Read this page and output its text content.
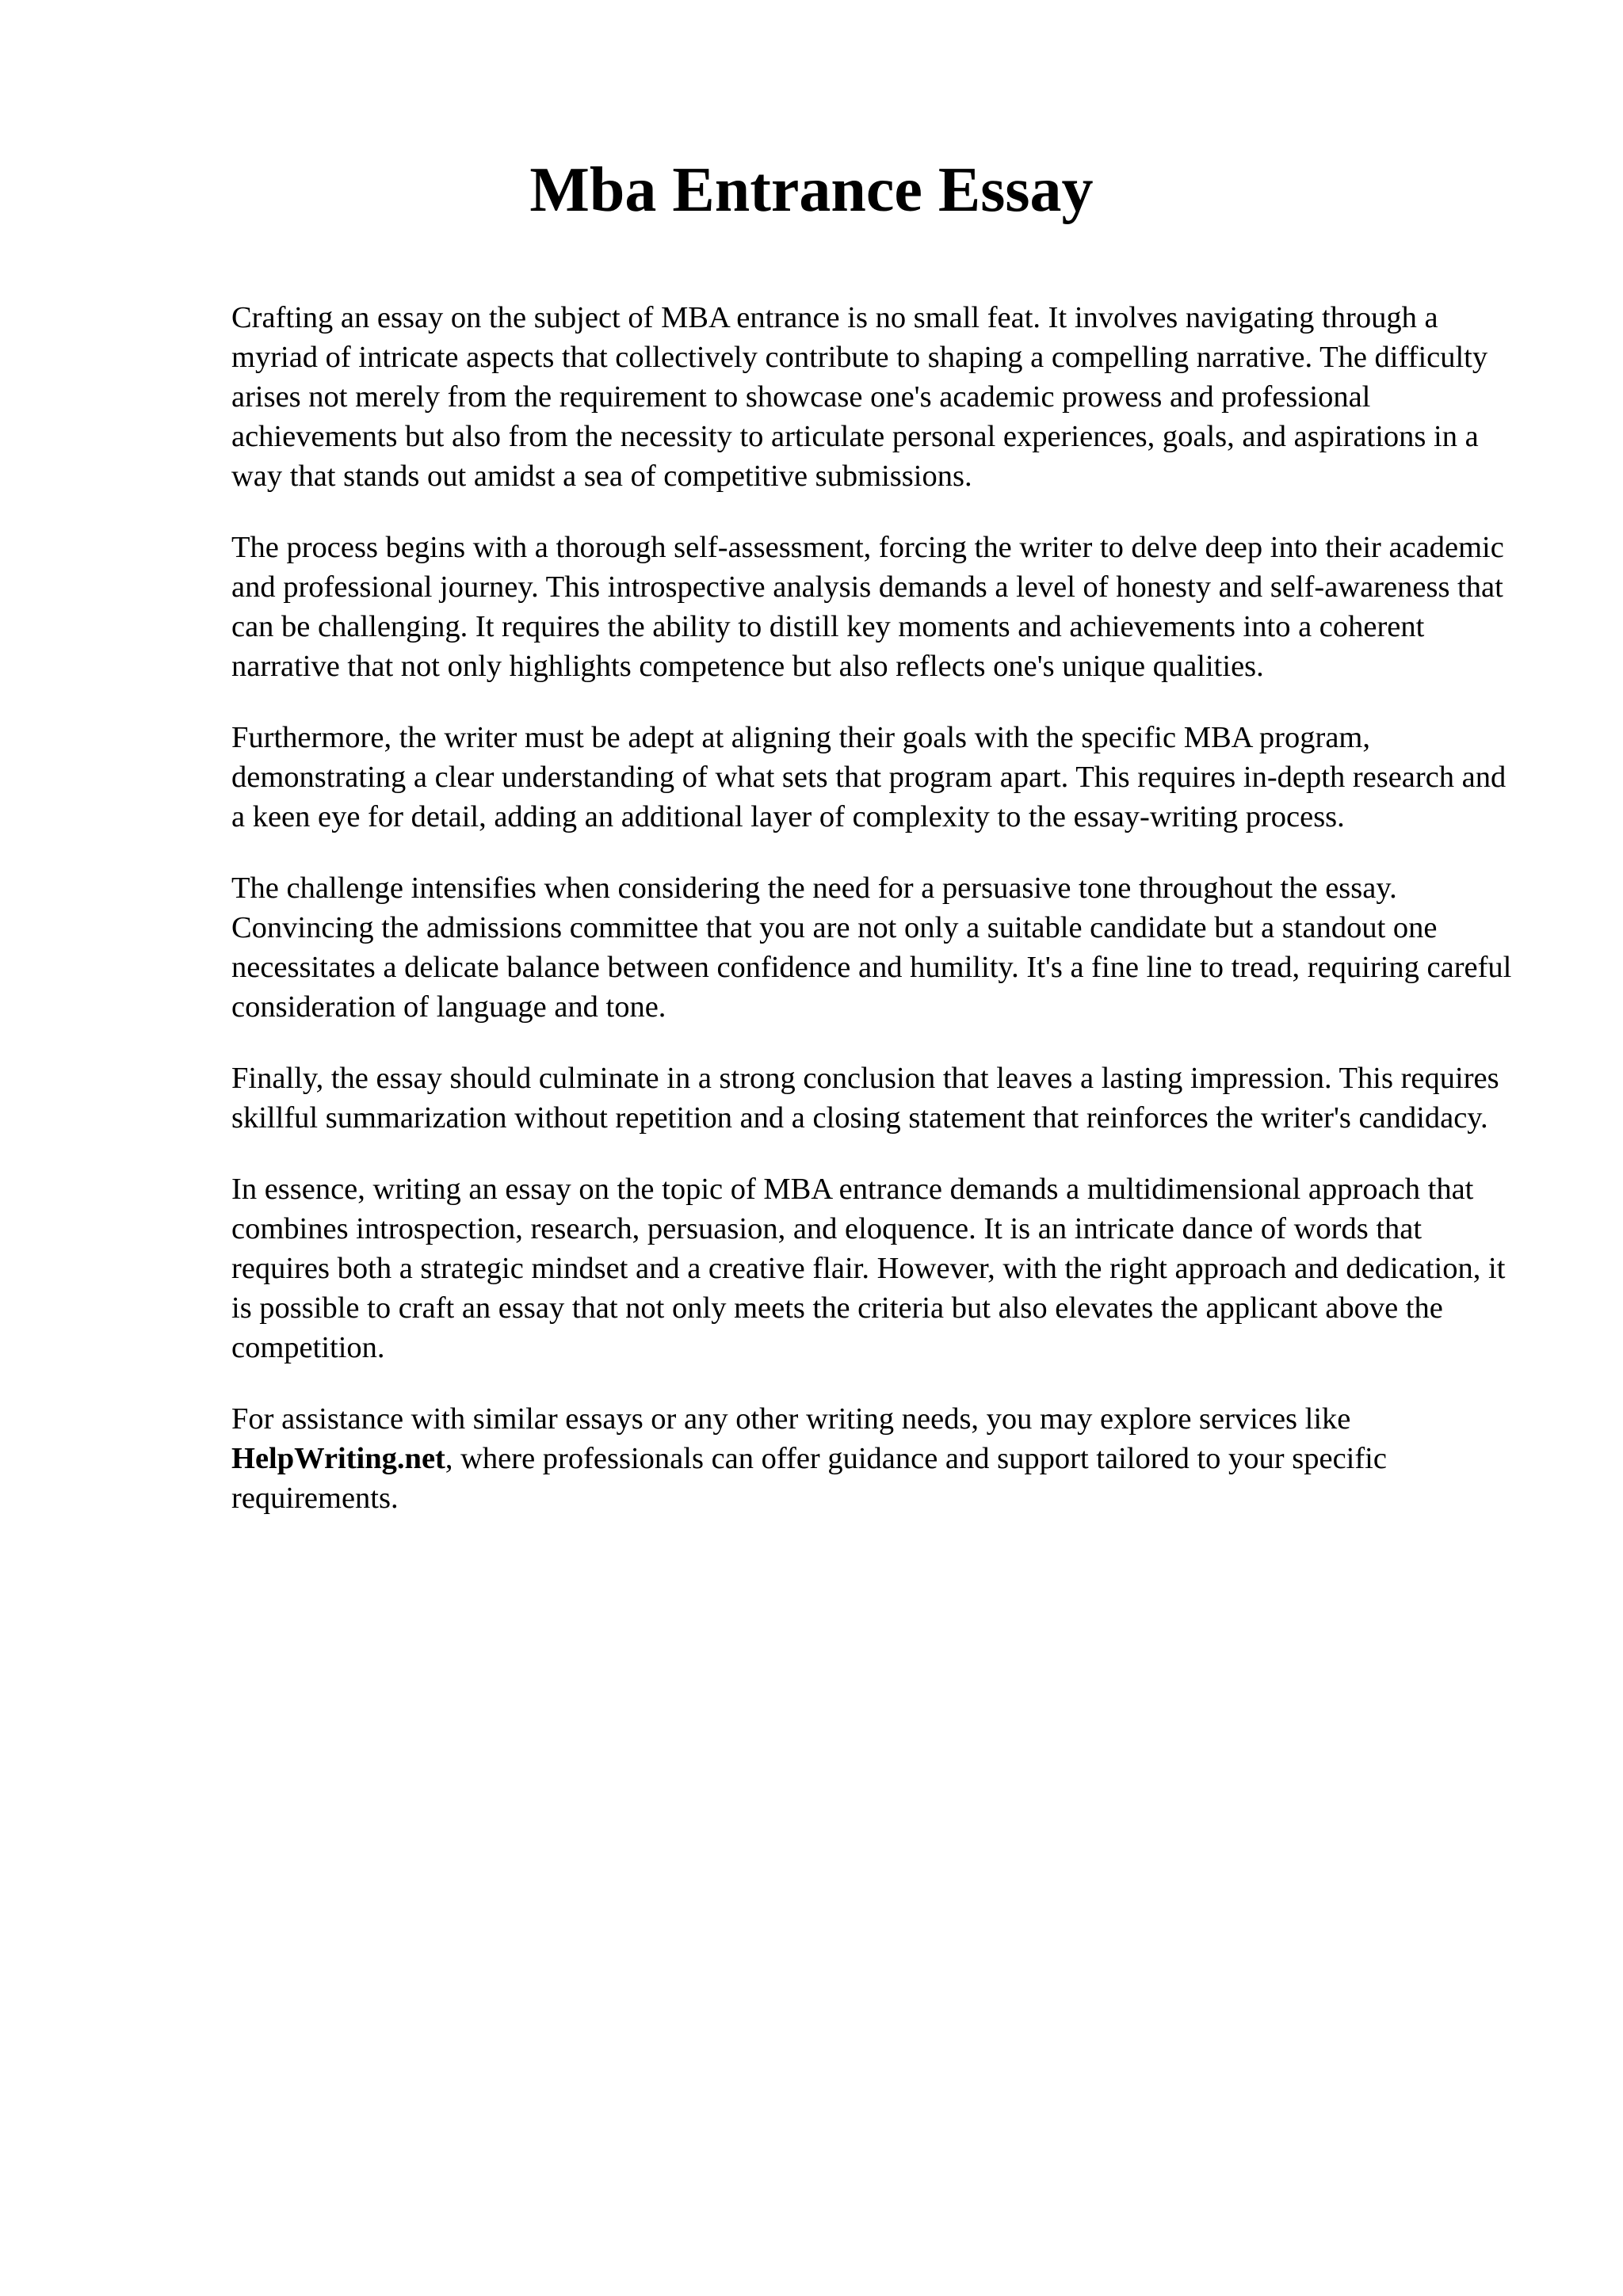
Mba Entrance Essay

Crafting an essay on the subject of MBA entrance is no small feat. It involves navigating through a myriad of intricate aspects that collectively contribute to shaping a compelling narrative. The difficulty arises not merely from the requirement to showcase one's academic prowess and professional achievements but also from the necessity to articulate personal experiences, goals, and aspirations in a way that stands out amidst a sea of competitive submissions.

The process begins with a thorough self-assessment, forcing the writer to delve deep into their academic and professional journey. This introspective analysis demands a level of honesty and self-awareness that can be challenging. It requires the ability to distill key moments and achievements into a coherent narrative that not only highlights competence but also reflects one's unique qualities.

Furthermore, the writer must be adept at aligning their goals with the specific MBA program, demonstrating a clear understanding of what sets that program apart. This requires in-depth research and a keen eye for detail, adding an additional layer of complexity to the essay-writing process.

The challenge intensifies when considering the need for a persuasive tone throughout the essay. Convincing the admissions committee that you are not only a suitable candidate but a standout one necessitates a delicate balance between confidence and humility. It's a fine line to tread, requiring careful consideration of language and tone.

Finally, the essay should culminate in a strong conclusion that leaves a lasting impression. This requires skillful summarization without repetition and a closing statement that reinforces the writer's candidacy.

In essence, writing an essay on the topic of MBA entrance demands a multidimensional approach that combines introspection, research, persuasion, and eloquence. It is an intricate dance of words that requires both a strategic mindset and a creative flair. However, with the right approach and dedication, it is possible to craft an essay that not only meets the criteria but also elevates the applicant above the competition.

For assistance with similar essays or any other writing needs, you may explore services like HelpWriting.net, where professionals can offer guidance and support tailored to your specific requirements.
